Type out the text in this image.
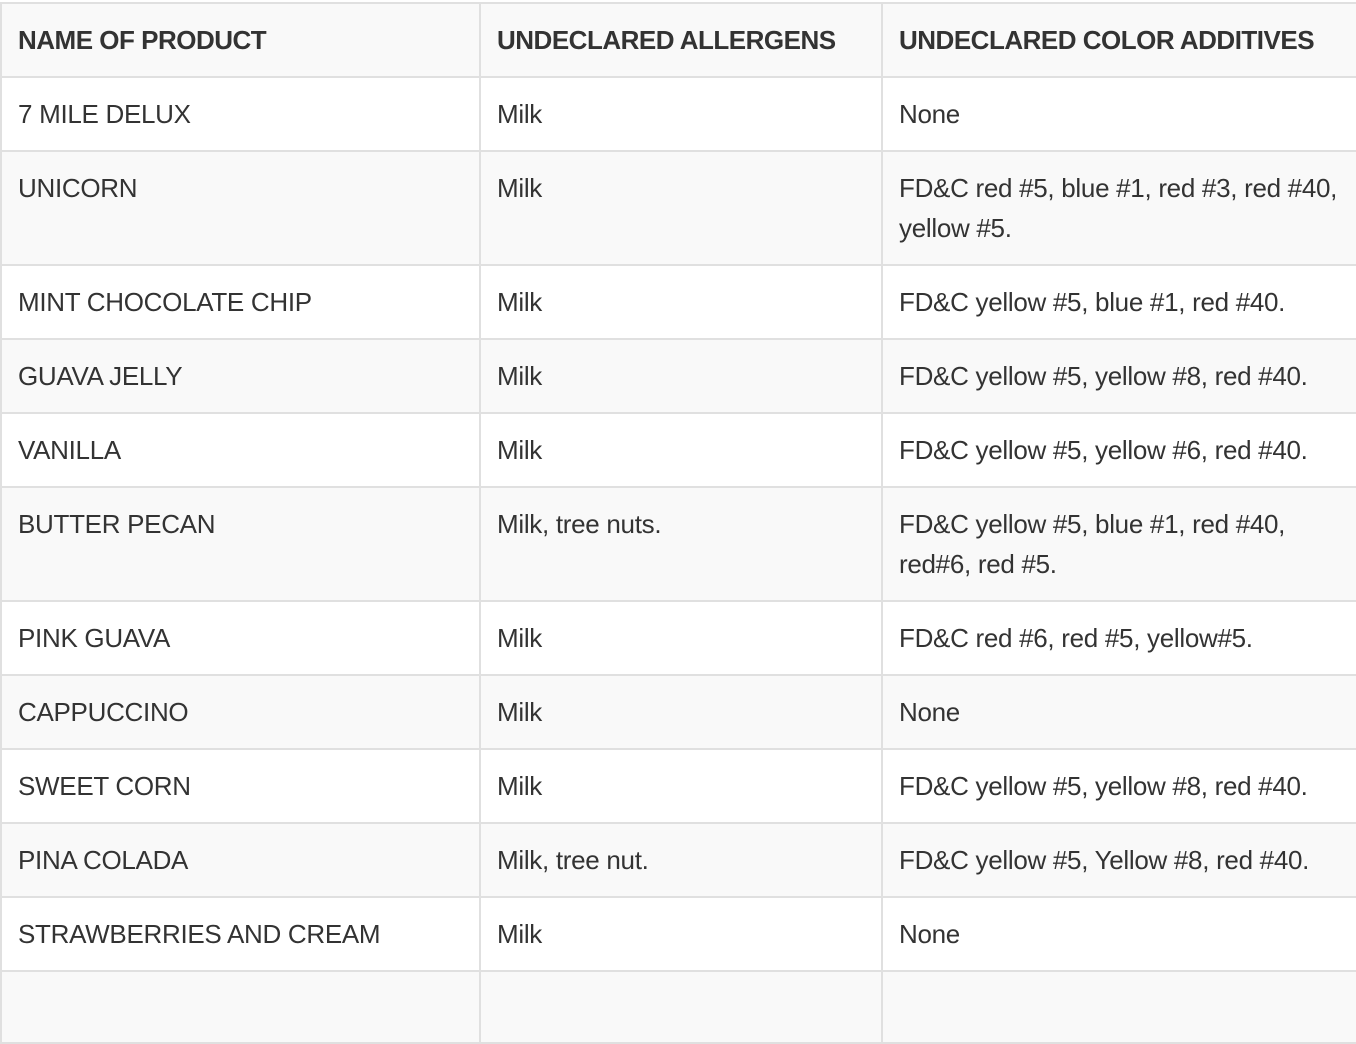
NAME OF PRODUCT	UNDECLARED ALLERGENS	UNDECLARED COLOR ADDITIVES
7 MILE DELUX	Milk	None
UNICORN	Milk	FD&C red #5, blue #1, red #3, red #40, yellow #5.
MINT CHOCOLATE CHIP	Milk	FD&C yellow #5, blue #1, red #40.
GUAVA JELLY	Milk	FD&C yellow #5, yellow #8, red #40.
VANILLA	Milk	FD&C yellow #5, yellow #6, red #40.
BUTTER PECAN	Milk, tree nuts.	FD&C yellow #5, blue #1, red #40, red#6, red #5.
PINK GUAVA	Milk	FD&C red #6, red #5, yellow#5.
CAPPUCCINO	Milk	None
SWEET CORN	Milk	FD&C yellow #5, yellow #8, red #40.
PINA COLADA	Milk, tree nut.	FD&C yellow #5, Yellow #8, red #40.
STRAWBERRIES AND CREAM	Milk	None
